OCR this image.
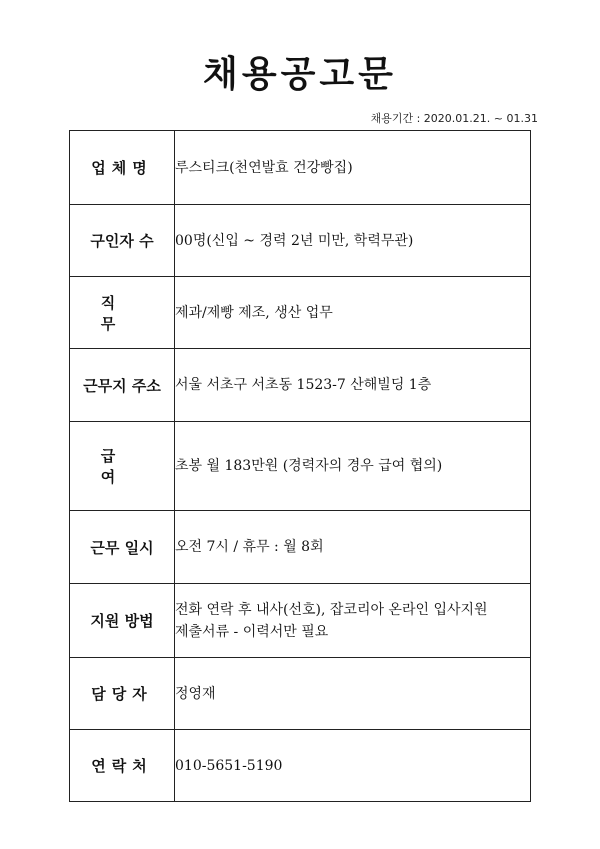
채용공고문
채용기간 : 2020.01.21. ~ 01.31
업체명	루스티크(천연발효 건강빵집)
구인자 수	00명(신입 ~ 경력 2년 미만, 학력무관)
직 무	제과/제빵 제조, 생산 업무
근무지 주소	서울 서초구 서초동 1523-7 산해빌딩 1층
급 여	초봉 월 183만원 (경력자의 경우 급여 협의)
근무 일시	오전 7시 / 휴무 : 월 8회
지원 방법	전화 연락 후 내사(선호), 잡코리아 온라인 입사지원
제출서류 - 이력서만 필요

담당자	정영재
연락처	010-5651-5190
